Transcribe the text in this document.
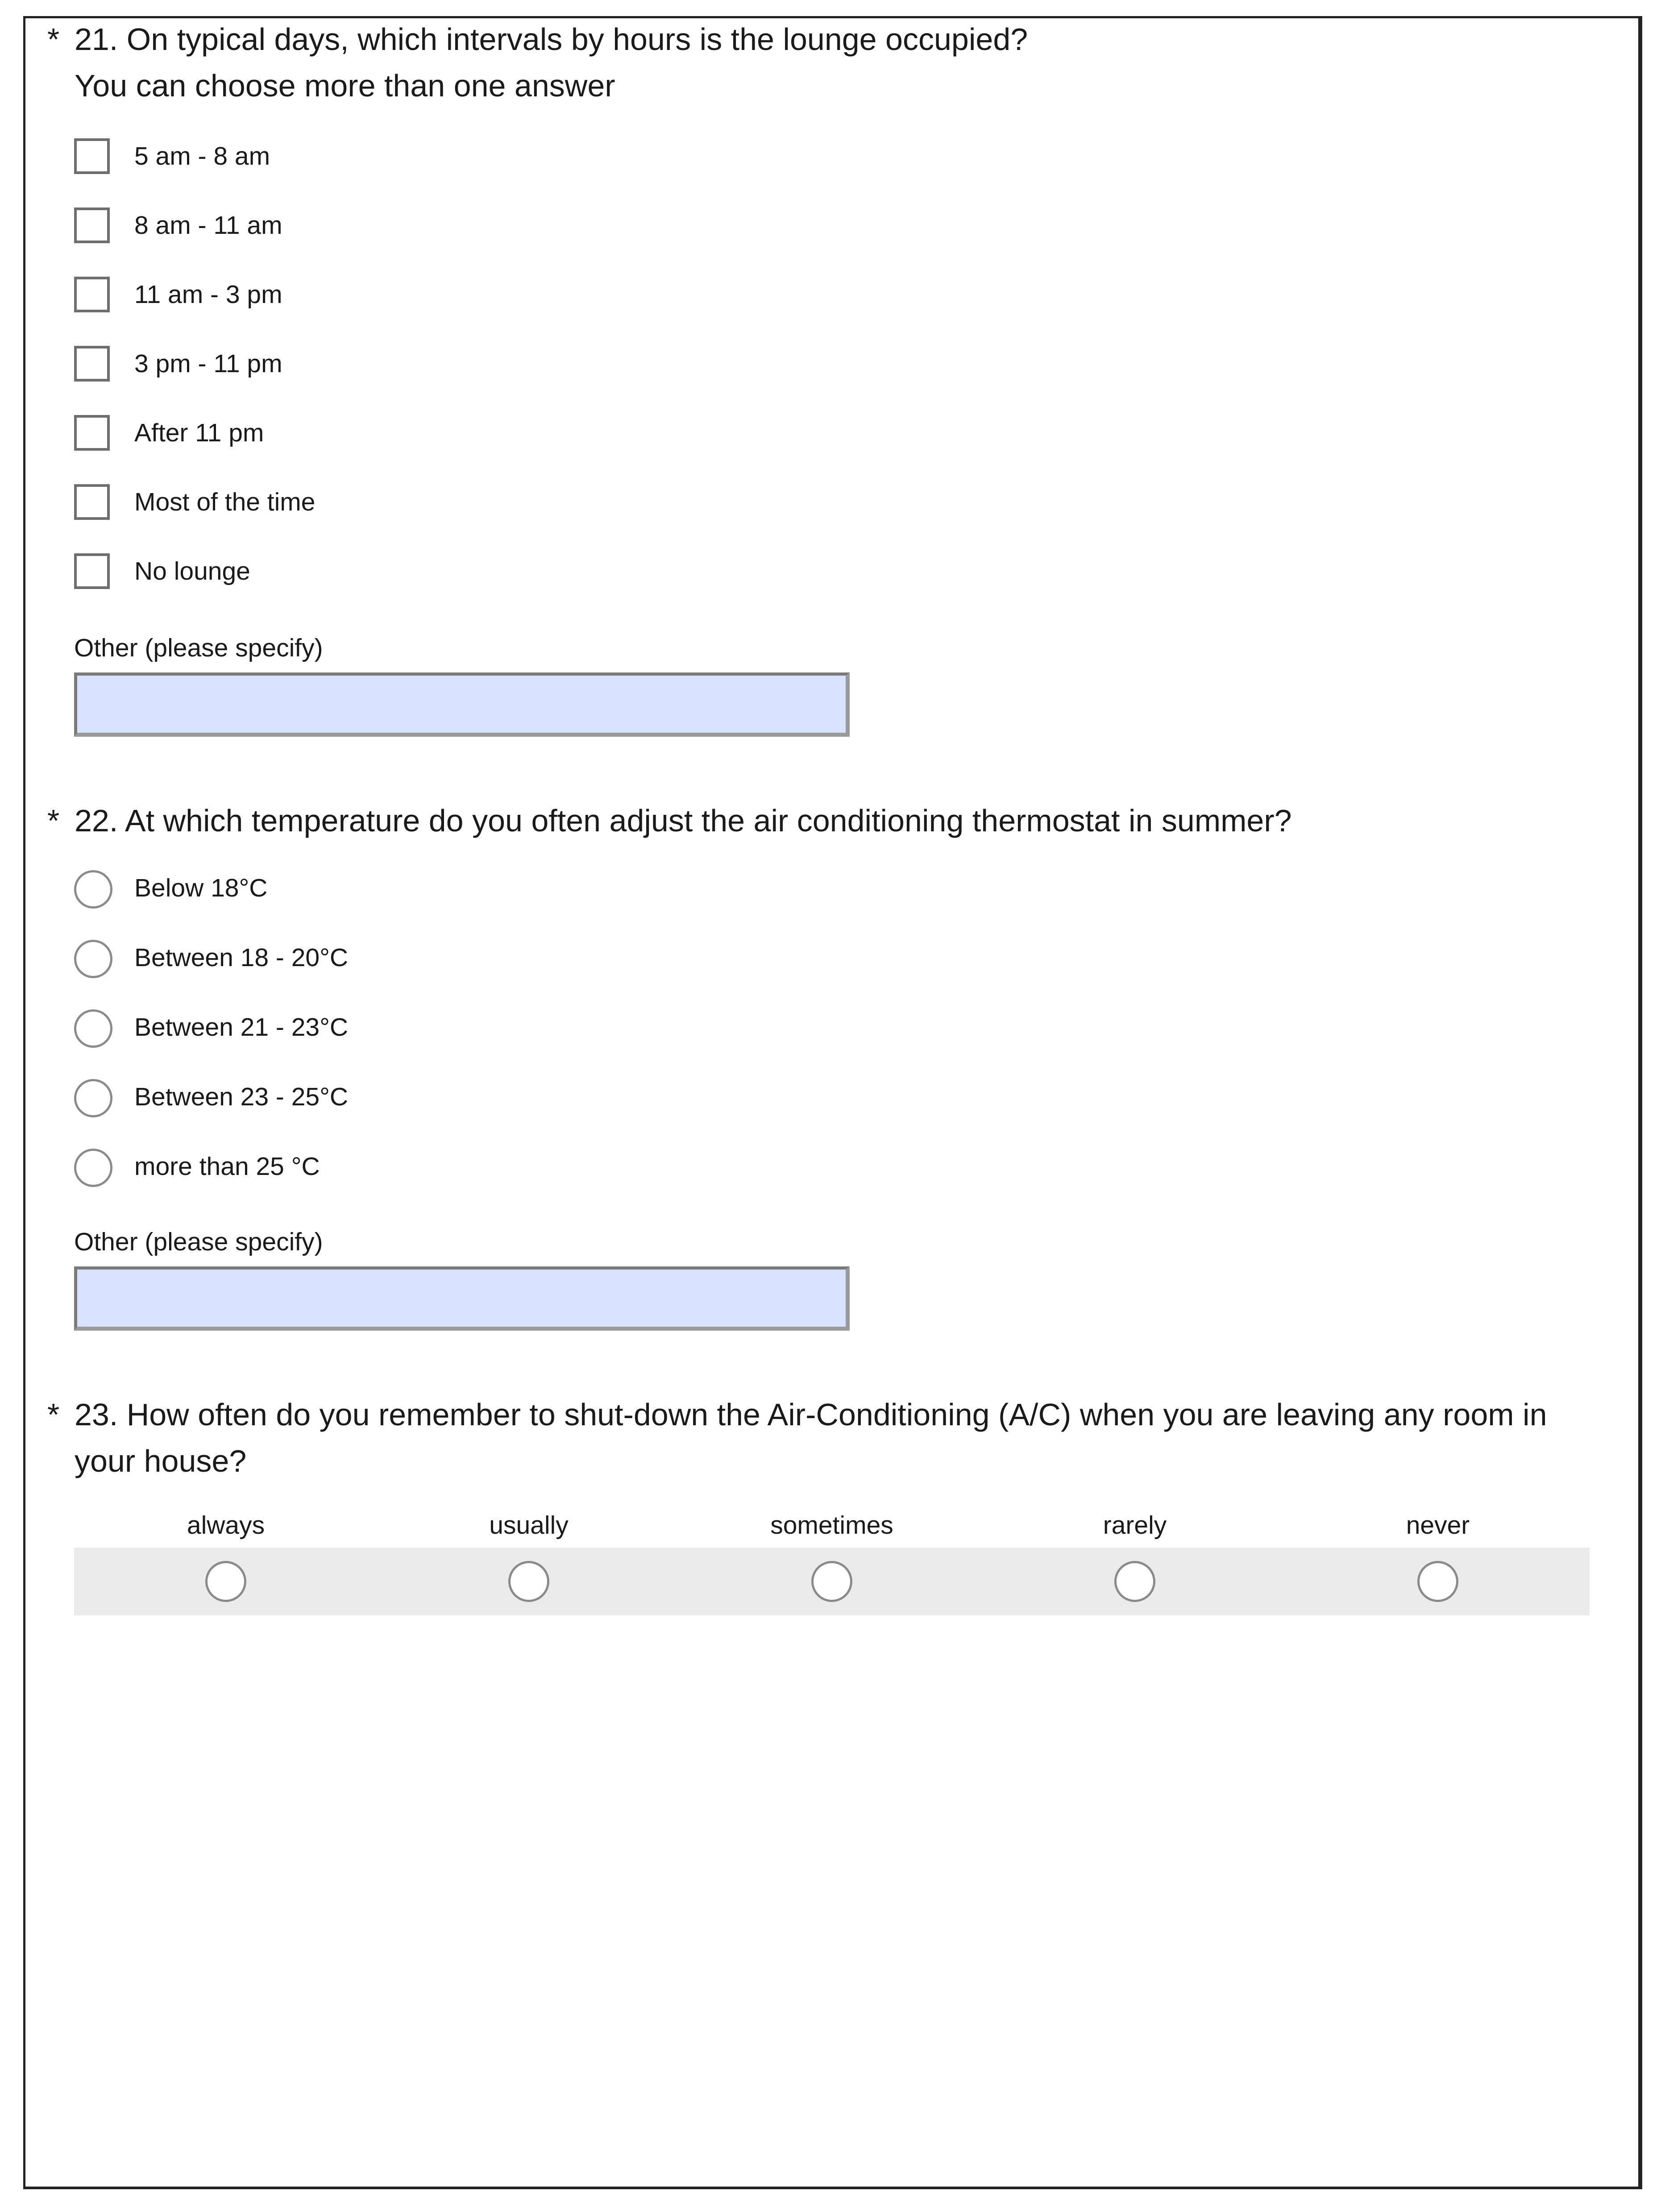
* 21. On typical days, which intervals by hours is the lounge occupied?
You can choose more than one answer
5 am - 8 am
8 am - 11 am
11 am - 3 pm
3 pm - 11 pm
After 11 pm
Most of the time
No lounge
Other (please specify)
* 22. At which temperature do you often adjust the air conditioning thermostat in summer?
Below 18°C
Between 18 - 20°C
Between 21 - 23°C
Between 23 - 25°C
more than 25 °C
Other (please specify)
* 23. How often do you remember to shut-down the Air-Conditioning (A/C) when you are leaving any room in
your house?
always	usually	sometimes	rarely	never
